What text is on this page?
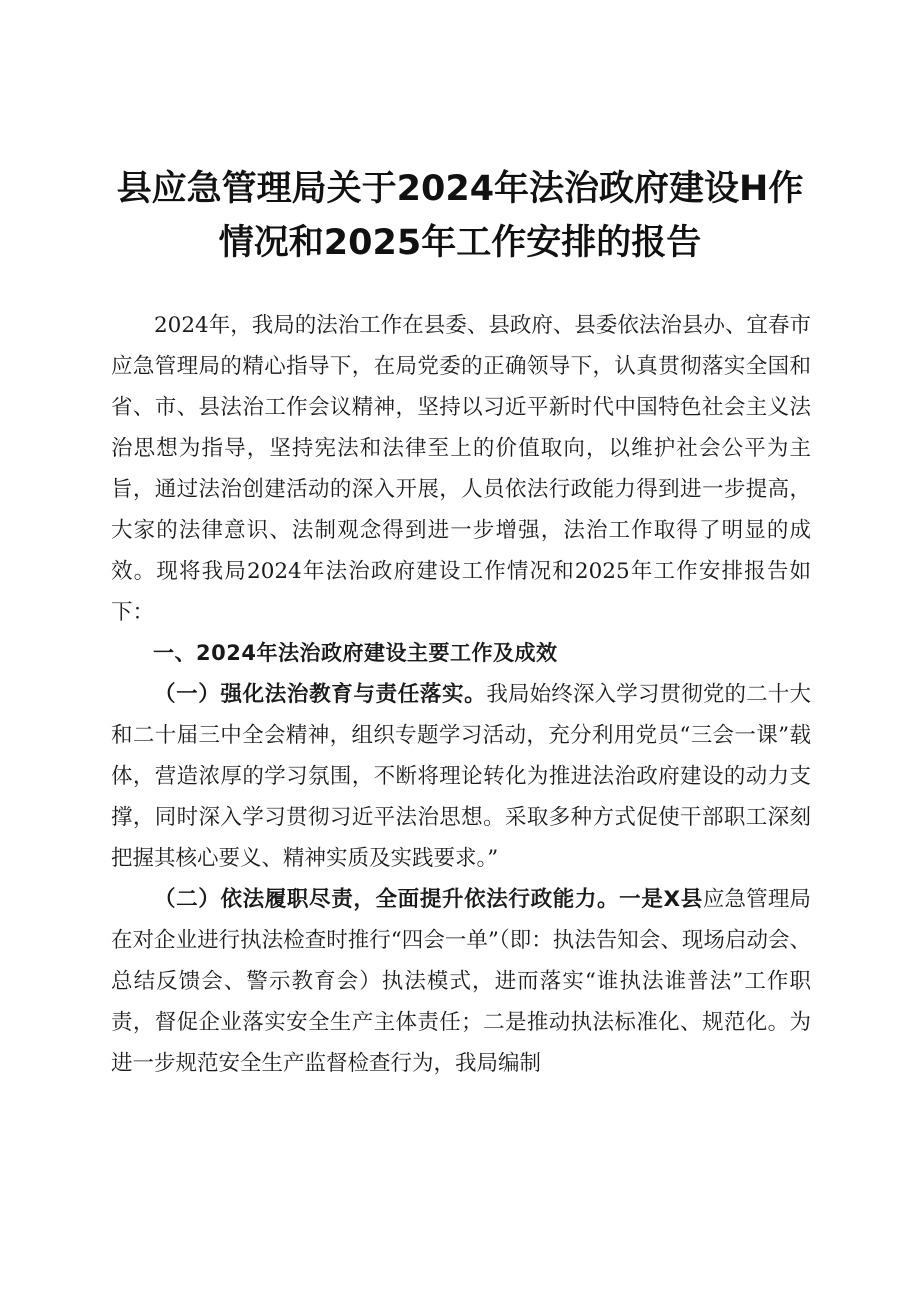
县应急管理局关于2024年法治政府建设H作
情况和2025年工作安排的报告

2024年，我局的法治工作在县委、县政府、县委依法治县办、宜春市应急管理局的精心指导下，在局党委的正确领导下，认真贯彻落实全国和省、市、县法治工作会议精神，坚持以习近平新时代中国特色社会主义法治思想为指导，坚持宪法和法律至上的价值取向，以维护社会公平为主旨，通过法治创建活动的深入开展，人员依法行政能力得到进一步提高，大家的法律意识、法制观念得到进一步增强，法治工作取得了明显的成效。现将我局2024年法治政府建设工作情况和2025年工作安排报告如下：

一、2024年法治政府建设主要工作及成效

（一）强化法治教育与责任落实。我局始终深入学习贯彻党的二十大和二十届三中全会精神，组织专题学习活动，充分利用党员“三会一课”载体，营造浓厚的学习氛围，不断将理论转化为推进法治政府建设的动力支撑，同时深入学习贯彻习近平法治思想。采取多种方式促使干部职工深刻把握其核心要义、精神实质及实践要求。”

（二）依法履职尽责，全面提升依法行政能力。一是X县应急管理局在对企业进行执法检查时推行“四会一单”（即：执法告知会、现场启动会、总结反馈会、警示教育会）执法模式，进而落实“谁执法谁普法”工作职责，督促企业落实安全生产主体责任；二是推动执法标准化、规范化。为进一步规范安全生产监督检查行为，我局编制
